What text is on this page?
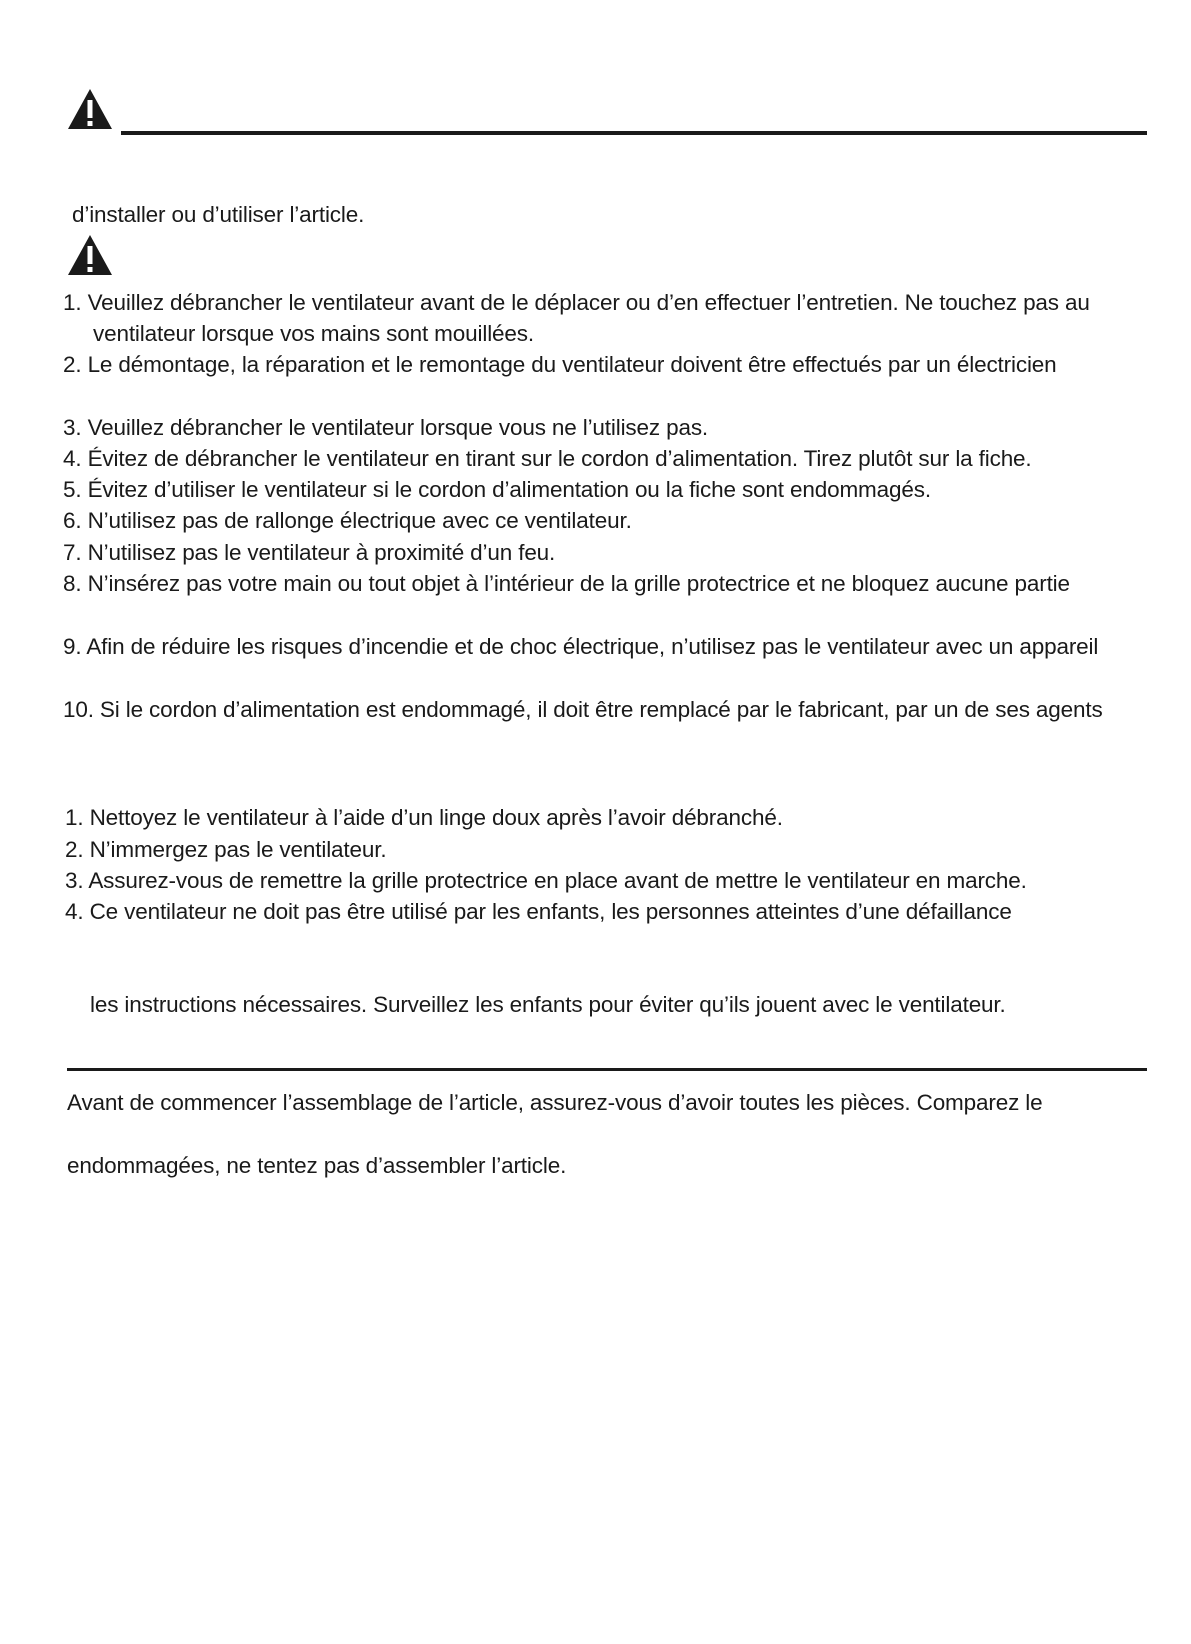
d’installer ou d’utiliser l’article.
1. Veuillez débrancher le ventilateur avant de le déplacer ou d’en effectuer l’entretien. Ne touchez pas au
ventilateur lorsque vos mains sont mouillées.
2. Le démontage, la réparation et le remontage du ventilateur doivent être effectués par un électricien
3. Veuillez débrancher le ventilateur lorsque vous ne l’utilisez pas.
4. Évitez de débrancher le ventilateur en tirant sur le cordon d’alimentation. Tirez plutôt sur la fiche.
5. Évitez d’utiliser le ventilateur si le cordon d’alimentation ou la fiche sont endommagés.
6. N’utilisez pas de rallonge électrique avec ce ventilateur.
7. N’utilisez pas le ventilateur à proximité d’un feu.
8. N’insérez pas votre main ou tout objet à l’intérieur de la grille protectrice et ne bloquez aucune partie
9. Afin de réduire les risques d’incendie et de choc électrique, n’utilisez pas le ventilateur avec un appareil
10. Si le cordon d’alimentation est endommagé, il doit être remplacé par le fabricant, par un de ses agents
1. Nettoyez le ventilateur à l’aide d’un linge doux après l’avoir débranché.
2. N’immergez pas le ventilateur.
3. Assurez-vous de remettre la grille protectrice en place avant de mettre le ventilateur en marche.
4. Ce ventilateur ne doit pas être utilisé par les enfants, les personnes atteintes d’une défaillance
les instructions nécessaires. Surveillez les enfants pour éviter qu’ils jouent avec le ventilateur.
Avant de commencer l’assemblage de l’article, assurez-vous d’avoir toutes les pièces. Comparez le
endommagées, ne tentez pas d’assembler l’article.
